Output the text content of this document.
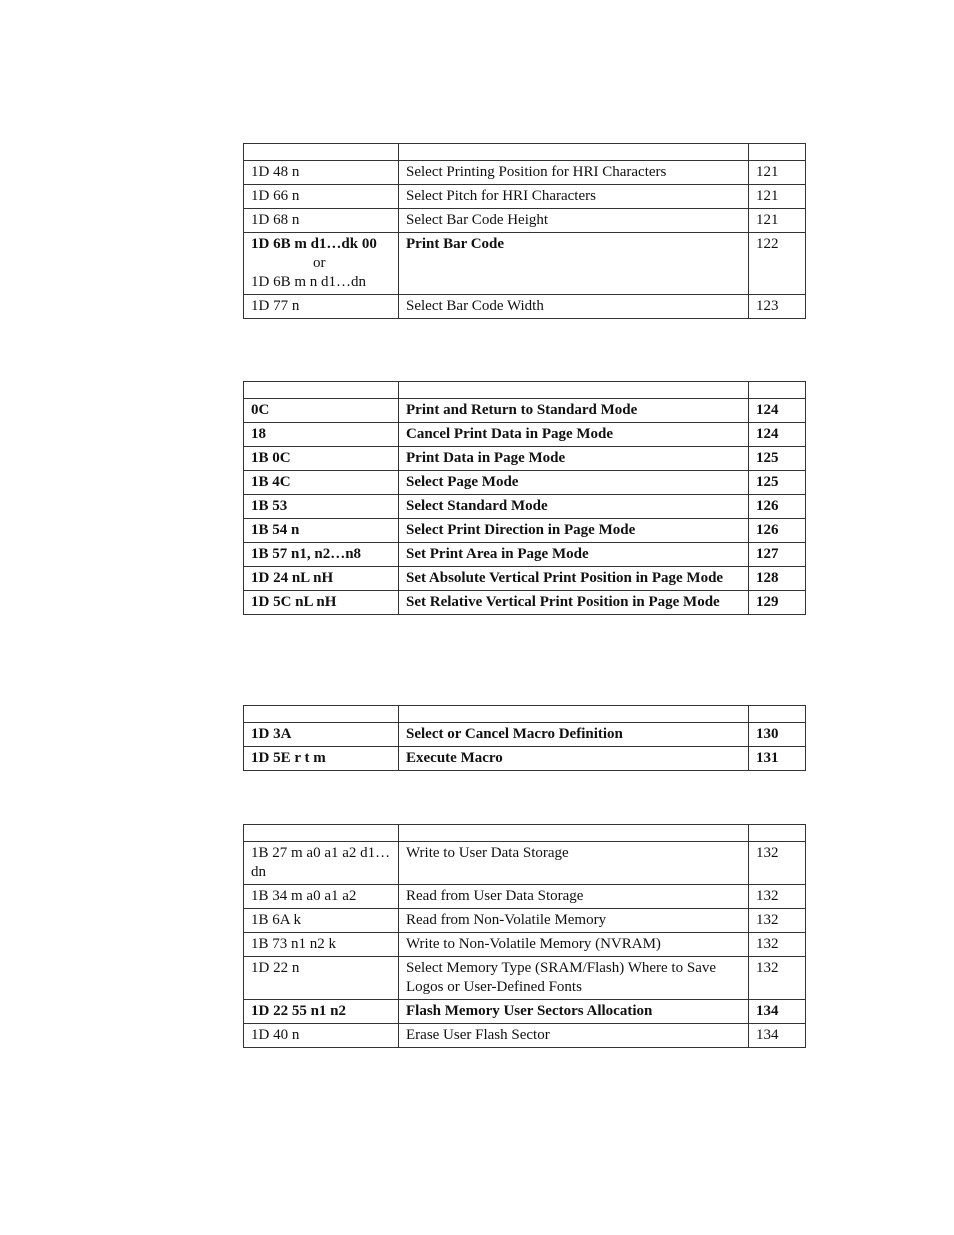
1D 48 n	Select Printing Position for HRI Characters	121
1D 66 n	Select Pitch for HRI Characters	121
1D 68 n	Select Bar Code Height	121

1D 6B m d1…dk 00
or
1D 6B m n d1…dn	Print Bar Code	122
1D 77 n	Select Bar Code Width	123

0C	Print and Return to Standard Mode	124
18	Cancel Print Data in Page Mode	124
1B 0C	Print Data in Page Mode	125
1B 4C	Select Page Mode	125
1B 53	Select Standard Mode	126
1B 54 n	Select Print Direction in Page Mode	126
1B 57 n1, n2…n8	Set Print Area in Page Mode	127
1D 24 nL nH	Set Absolute Vertical Print Position in Page Mode	128
1D 5C nL nH	Set Relative Vertical Print Position in Page Mode	129

1D 3A	Select or Cancel Macro Definition	130
1D 5E r t m	Execute Macro	131

1B 27 m a0 a1 a2 d1…dn	Write to User Data Storage	132
1B 34 m a0 a1 a2	Read from User Data Storage	132
1B 6A k	Read from Non-Volatile Memory	132
1B 73 n1 n2 k	Write to Non-Volatile Memory (NVRAM)	132
1D 22 n	Select Memory Type (SRAM/Flash) Where to Save Logos or User-Defined Fonts	132
1D 22 55 n1 n2	Flash Memory User Sectors Allocation	134
1D 40 n	Erase User Flash Sector	134
